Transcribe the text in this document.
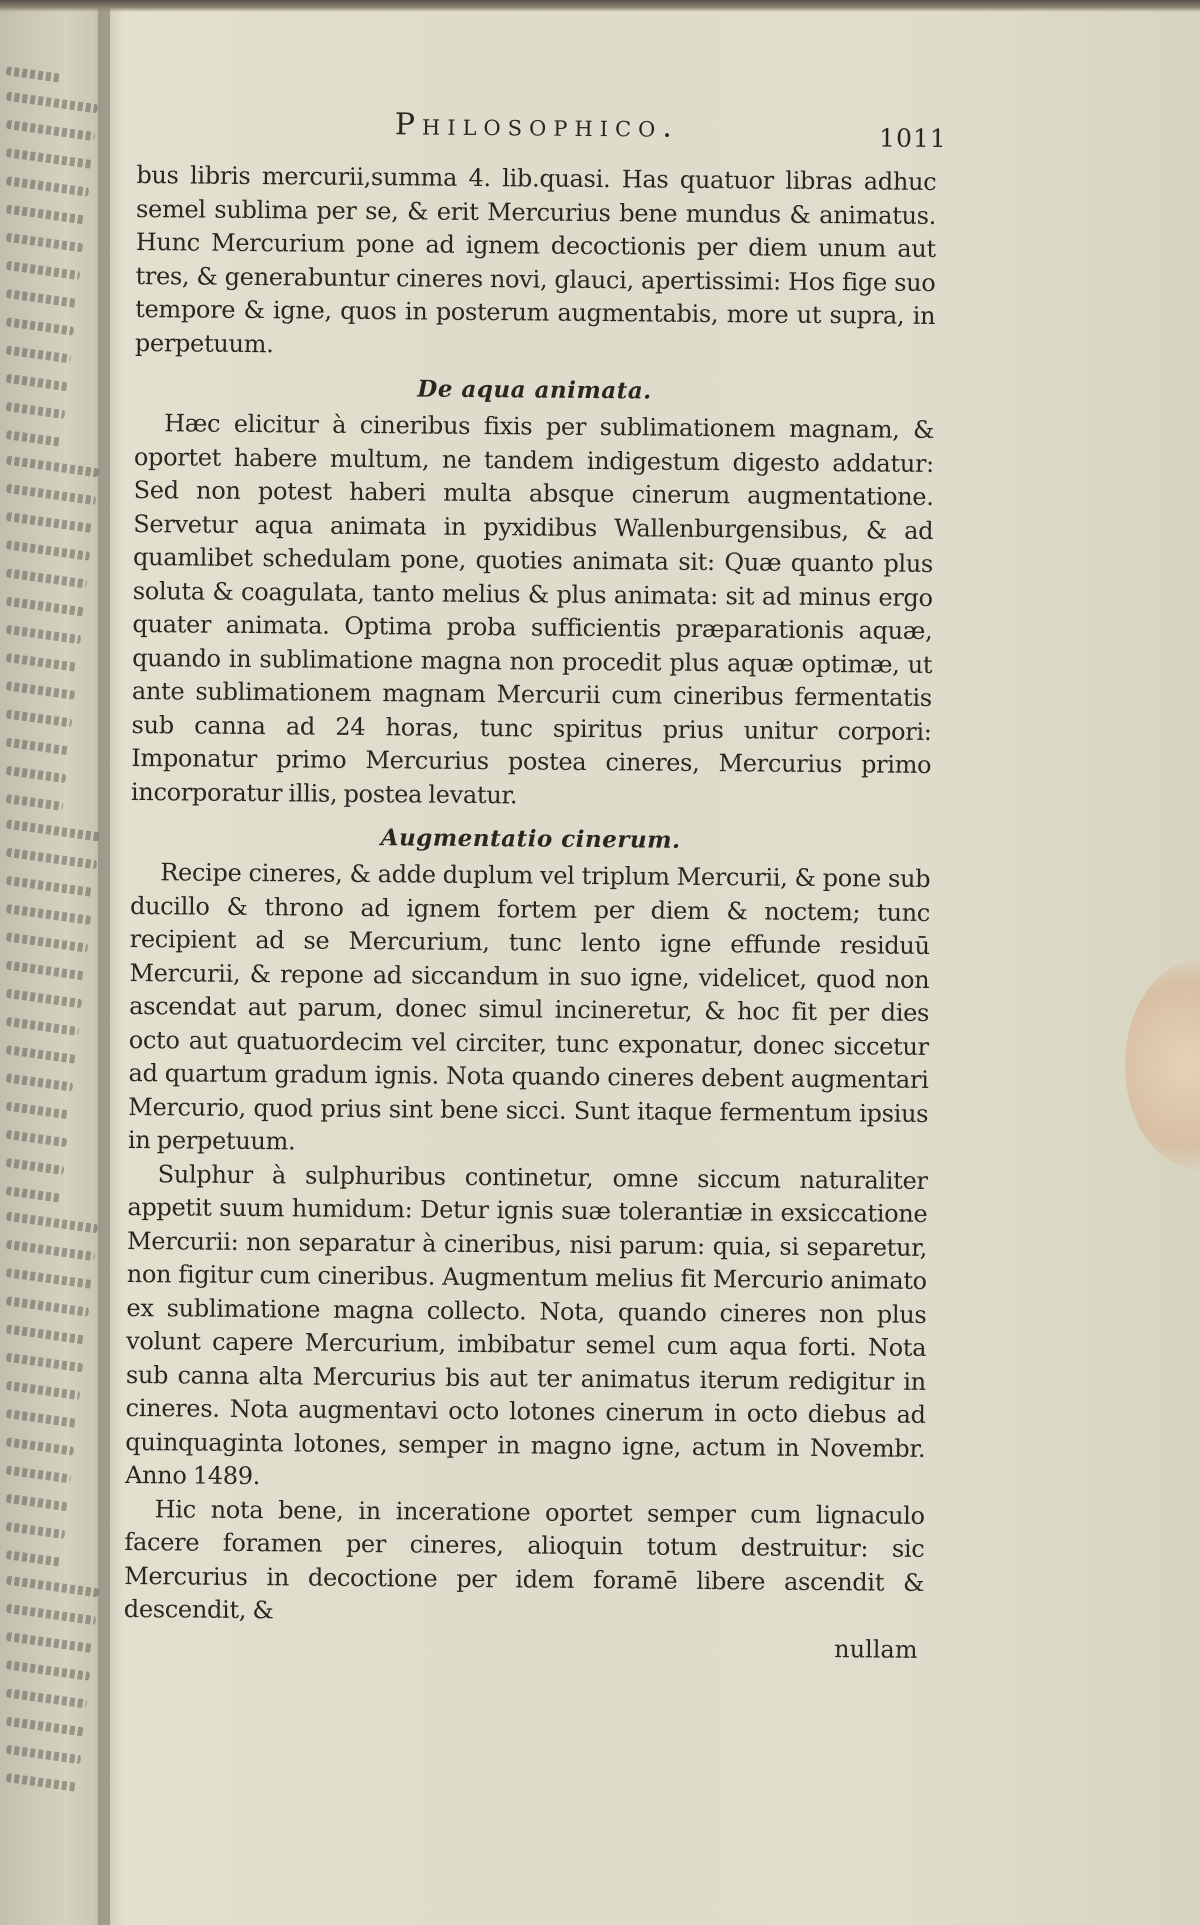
Philosophico.	1011

bus libris mercurii,summa 4. lib.quasi. Has quatuor libras adhuc semel sublima per se, & erit Mercurius bene mundus & animatus. Hunc Mercurium pone ad ignem decoctionis per diem unum aut tres, & generabuntur cineres novi, glauci, apertissimi: Hos fige suo tempore & igne, quos in posterum augmentabis, more ut supra, in perpetuum.

De aqua animata.

Hæc elicitur à cineribus fixis per sublimationem magnam, & oportet habere multum, ne tandem indigestum digesto addatur: Sed non potest haberi multa absque cinerum augmentatione. Servetur aqua animata in pyxidibus Wallenburgensibus, & ad quamlibet schedulam pone, quoties animata sit: Quæ quanto plus soluta & coagulata, tanto melius & plus animata: sit ad minus ergo quater animata. Optima proba sufficientis præparationis aquæ, quando in sublimatione magna non procedit plus aquæ optimæ, ut ante sublimationem magnam Mercurii cum cineribus fermentatis sub canna ad 24 horas, tunc spiritus prius unitur corpori: Imponatur primo Mercurius postea cineres, Mercurius primo incorporatur illis, postea levatur.

Augmentatio cinerum.

Recipe cineres, & adde duplum vel triplum Mercurii, & pone sub ducillo & throno ad ignem fortem per diem & noctem; tunc recipient ad se Mercurium, tunc lento igne effunde residuū Mercurii, & repone ad siccandum in suo igne, videlicet, quod non ascendat aut parum, donec simul incineretur, & hoc fit per dies octo aut quatuordecim vel circiter, tunc exponatur, donec siccetur ad quartum gradum ignis. Nota quando cineres debent augmentari Mercurio, quod prius sint bene sicci. Sunt itaque fermentum ipsius in perpetuum.

Sulphur à sulphuribus continetur, omne siccum naturaliter appetit suum humidum: Detur ignis suæ tolerantiæ in exsiccatione Mercurii: non separatur à cineribus, nisi parum: quia, si separetur, non figitur cum cineribus. Augmentum melius fit Mercurio animato ex sublimatione magna collecto. Nota, quando cineres non plus volunt capere Mercurium, imbibatur semel cum aqua forti. Nota sub canna alta Mercurius bis aut ter animatus iterum redigitur in cineres. Nota augmentavi octo lotones cinerum in octo diebus ad quinquaginta lotones, semper in magno igne, actum in Novembr. Anno 1489.

Hic nota bene, in inceratione oportet semper cum lignaculo facere foramen per cineres, alioquin totum destruitur: sic Mercurius in decoctione per idem foramē libere ascendit & descendit, &

nullam
